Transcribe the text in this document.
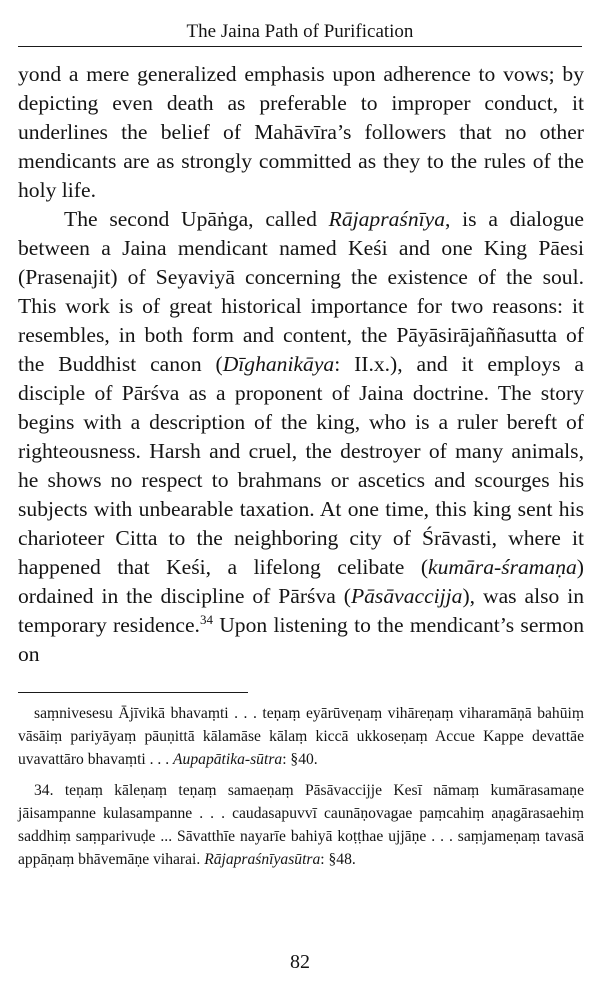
The Jaina Path of Purification

yond a mere generalized emphasis upon adherence to vows; by depicting even death as preferable to improper conduct, it underlines the belief of Mahāvīra’s followers that no other mendicants are as strongly committed as they to the rules of the holy life.

The second Upāṅga, called Rājapraśnīya, is a dialogue between a Jaina mendicant named Keśi and one King Pāesi (Prasenajit) of Seyaviyā concerning the existence of the soul. This work is of great historical importance for two reasons: it resembles, in both form and content, the Pāyāsirājaññasutta of the Buddhist canon (Dīghanikāya: II.x.), and it employs a disciple of Pārśva as a proponent of Jaina doctrine. The story begins with a description of the king, who is a ruler bereft of righteousness. Harsh and cruel, the destroyer of many animals, he shows no respect to brahmans or ascetics and scourges his subjects with unbearable taxation. At one time, this king sent his charioteer Citta to the neighboring city of Śrāvasti, where it happened that Keśi, a lifelong celibate (kumāra-śramaṇa) ordained in the discipline of Pārśva (Pāsāvaccijja), was also in temporary residence.$^{34}$ Upon listening to the mendicant’s sermon on

saṃnivesesu Ājīvikā bhavaṃti . . . teṇaṃ eyārūveṇaṃ vihāreṇaṃ viharamāṇā bahūiṃ vāsāiṃ pariyāyaṃ pāuṇittā kālamāse kālaṃ kiccā ukkoseṇaṃ Accue Kappe devattāe uvavattāro bhavaṃti . . . Aupapātika-sūtra: §40.

34. teṇaṃ kāleṇaṃ teṇaṃ samaeṇaṃ Pāsāvaccijje Kesī nāmaṃ kumārasamaṇe jāisampanne kulasampanne . . . caudasapuvvī caunāṇovagae paṃcahiṃ aṇagārasaehiṃ saddhiṃ saṃparivuḍe ... Sāvatthīe nayarīe bahiyā koṭṭhae ujjāṇe . . . saṃjameṇaṃ tavasā appāṇaṃ bhāvemāṇe viharai. Rājapraśnīyasūtra: §48.

82
